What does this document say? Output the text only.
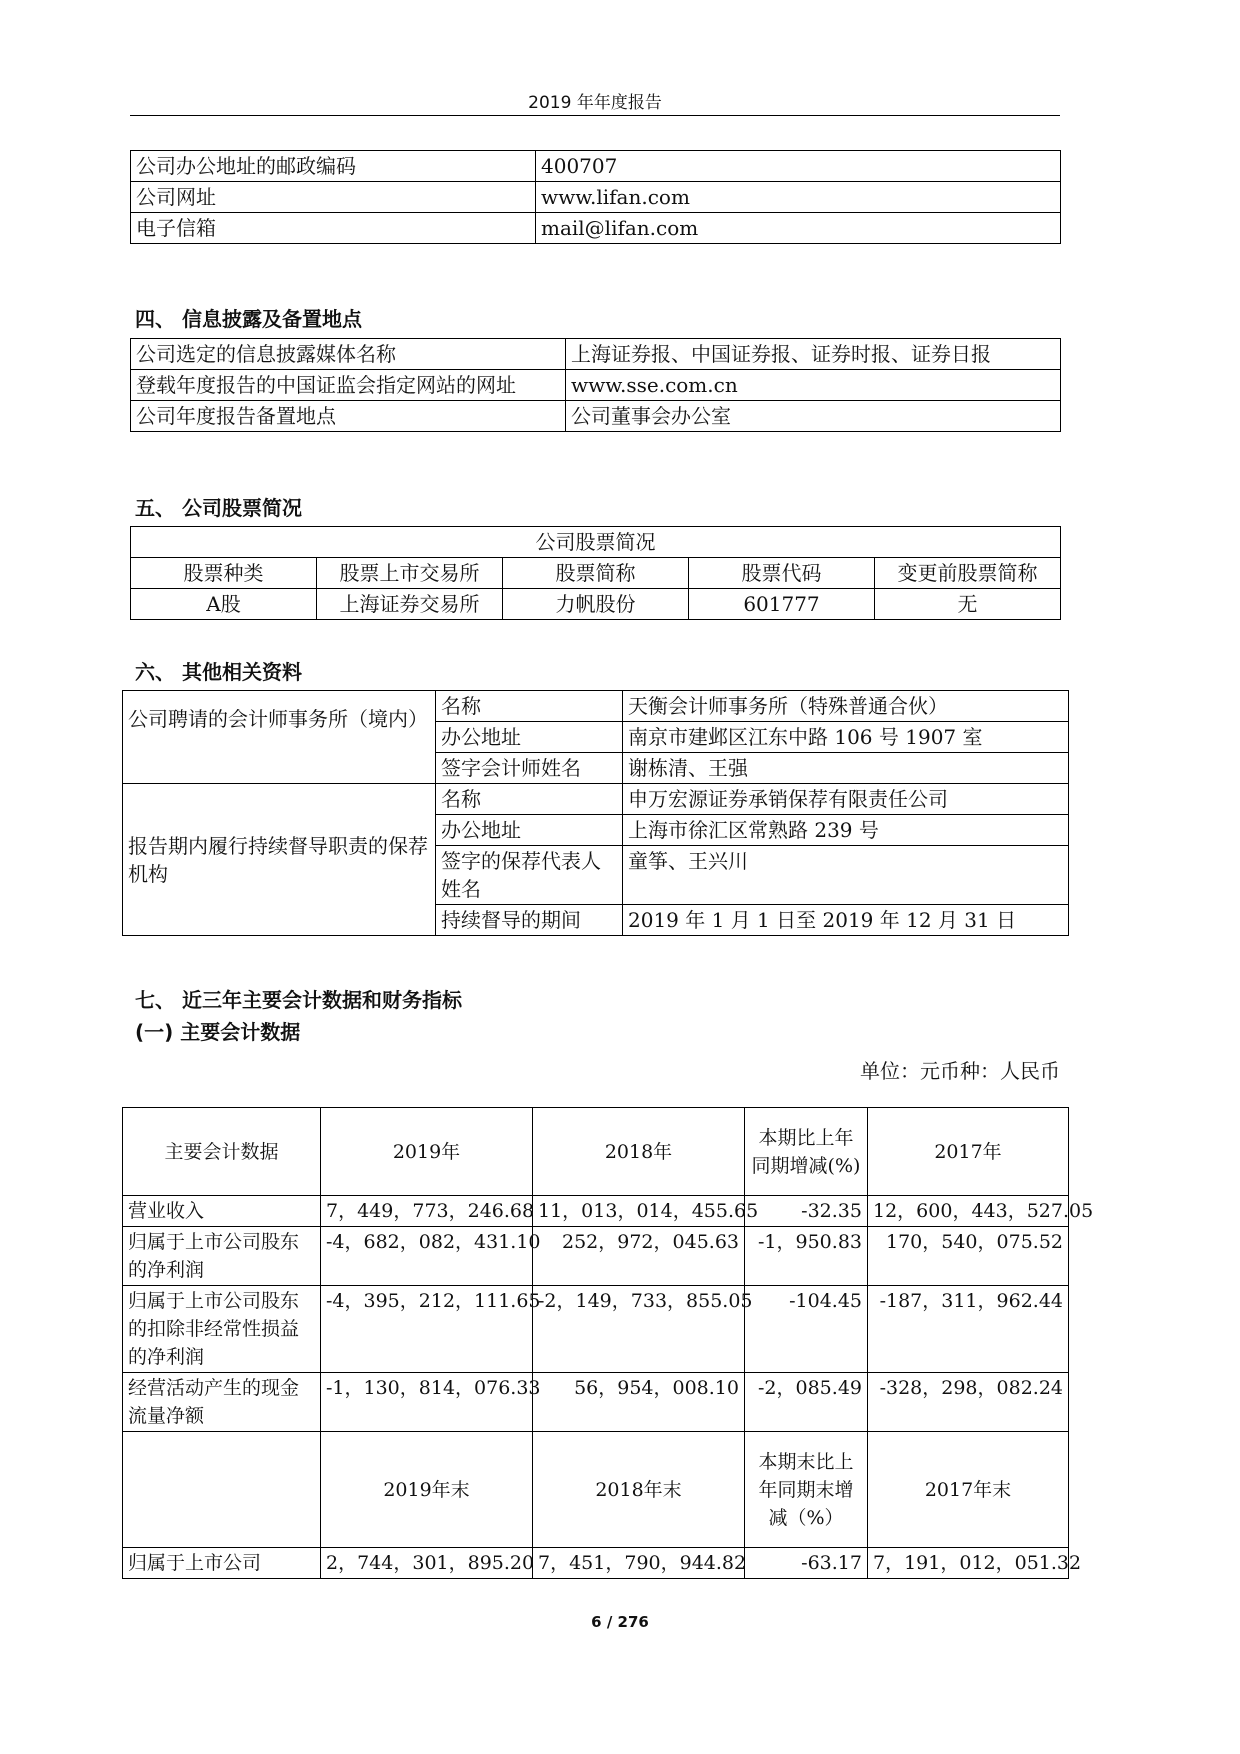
2019 年年度报告
公司办公地址的邮政编码	400707
公司网址	www.lifan.com
电子信箱	mail@lifan.com
四、 信息披露及备置地点
公司选定的信息披露媒体名称	上海证券报、中国证券报、证券时报、证券日报
登载年度报告的中国证监会指定网站的网址	www.sse.com.cn
公司年度报告备置地点	公司董事会办公室
五、 公司股票简况
公司股票简况				
股票种类	股票上市交易所	股票简称	股票代码	变更前股票简称
A股	上海证券交易所	力帆股份	601777	无
六、 其他相关资料
公司聘请的会计师事务所（境内）	名称	天衡会计师事务所（特殊普通合伙）
	办公地址	南京市建邺区江东中路 106 号 1907 室
	签字会计师姓名	谢栋清、王强
报告期内履行持续督导职责的保荐机构	名称	申万宏源证券承销保荐有限责任公司
	办公地址	上海市徐汇区常熟路 239 号
	签字的保荐代表人姓名	童筝、王兴川
	持续督导的期间	2019 年 1 月 1 日至 2019 年 12 月 31 日
七、 近三年主要会计数据和财务指标
(一) 主要会计数据
单位：元币种：人民币
主要会计数据	2019年	2018年	本期比上年同期增减(%)	2017年
营业收入	7，449，773，246.68	11，013，014，455.65	-32.35	12，600，443，527.05
归属于上市公司股东的净利润	-4，682，082，431.10	252，972，045.63	-1，950.83	170，540，075.52
归属于上市公司股东的扣除非经常性损益的净利润	-4，395，212，111.65	-2，149，733，855.05	-104.45	-187，311，962.44
经营活动产生的现金流量净额	-1，130，814，076.33	56，954，008.10	-2，085.49	-328，298，082.24
	2019年末	2018年末	本期末比上年同期末增减（%）	2017年末
归属于上市公司	2，744，301，895.20	7，451，790，944.82	-63.17	7，191，012，051.32
6 / 276
